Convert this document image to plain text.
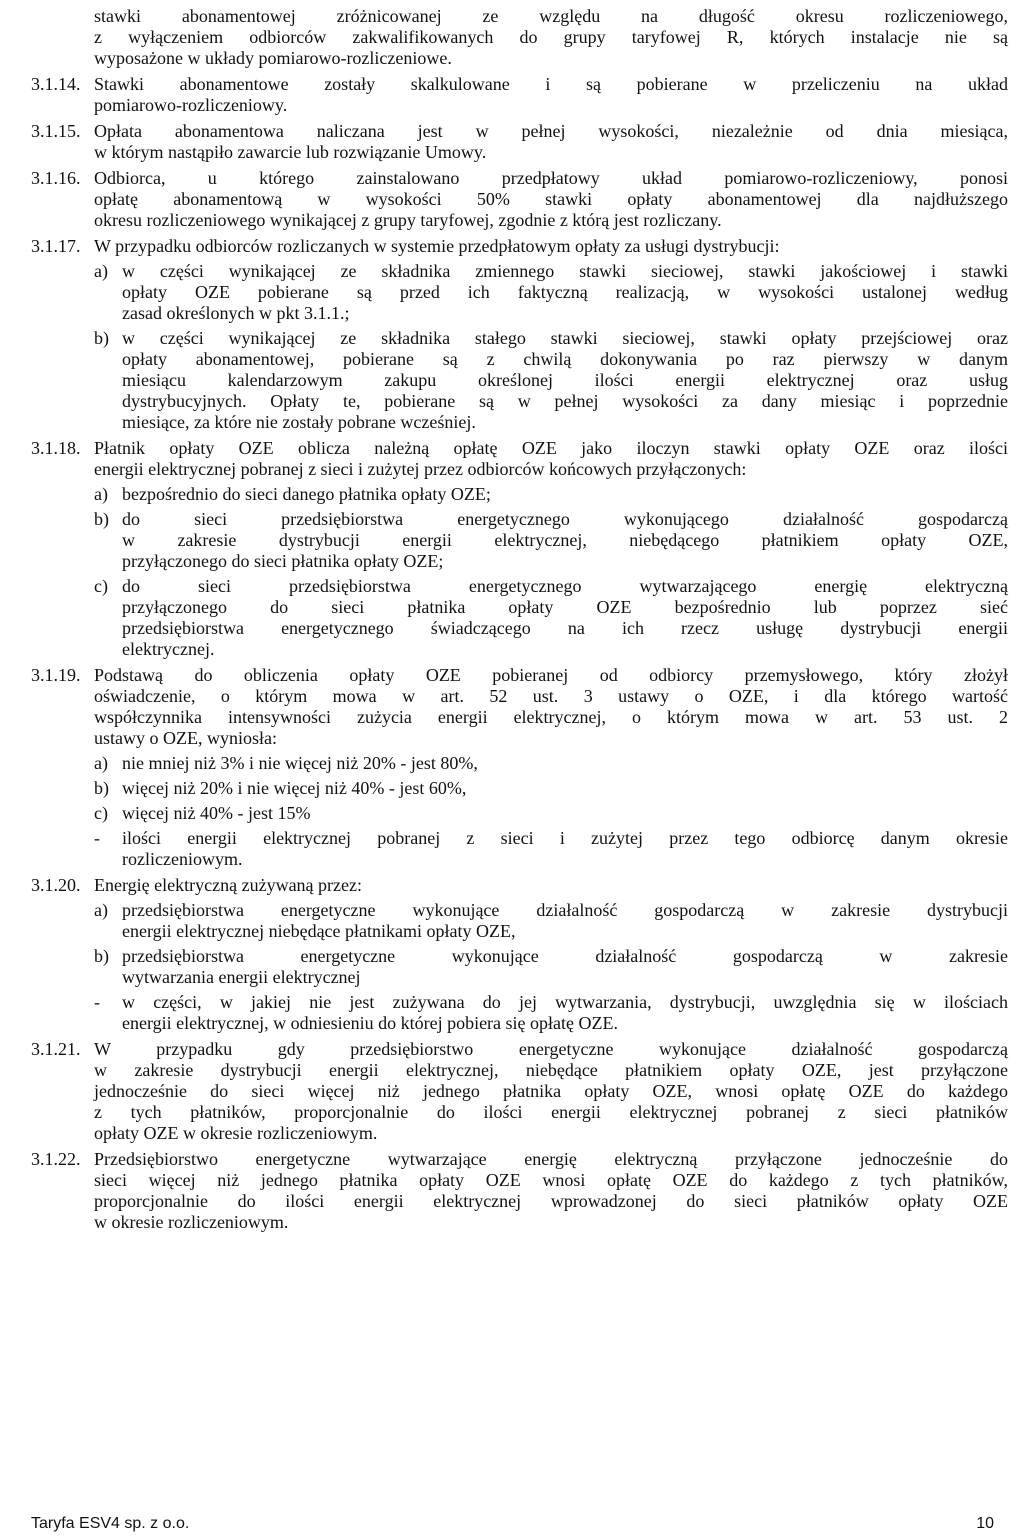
stawki abonamentowej zróżnicowanej ze względu na długość okresu rozliczeniowego,
z wyłączeniem odbiorców zakwalifikowanych do grupy taryfowej R, których instalacje nie są
wyposażone w układy pomiarowo-rozliczeniowe.
3.1.14. Stawki abonamentowe zostały skalkulowane i są pobierane w przeliczeniu na układ
pomiarowo-rozliczeniowy.
3.1.15. Opłata abonamentowa naliczana jest w pełnej wysokości, niezależnie od dnia miesiąca,
w którym nastąpiło zawarcie lub rozwiązanie Umowy.
3.1.16. Odbiorca, u którego zainstalowano przedpłatowy układ pomiarowo-rozliczeniowy, ponosi
opłatę abonamentową w wysokości 50% stawki opłaty abonamentowej dla najdłuższego
okresu rozliczeniowego wynikającej z grupy taryfowej, zgodnie z którą jest rozliczany.
3.1.17. W przypadku odbiorców rozliczanych w systemie przedpłatowym opłaty za usługi dystrybucji:
a) w części wynikającej ze składnika zmiennego stawki sieciowej, stawki jakościowej i stawki
opłaty OZE pobierane są przed ich faktyczną realizacją, w wysokości ustalonej według
zasad określonych w pkt 3.1.1.;
b) w części wynikającej ze składnika stałego stawki sieciowej, stawki opłaty przejściowej oraz
opłaty abonamentowej, pobierane są z chwilą dokonywania po raz pierwszy w danym
miesiącu kalendarzowym zakupu określonej ilości energii elektrycznej oraz usług
dystrybucyjnych. Opłaty te, pobierane są w pełnej wysokości za dany miesiąc i poprzednie
miesiące, za które nie zostały pobrane wcześniej.
3.1.18. Płatnik opłaty OZE oblicza należną opłatę OZE jako iloczyn stawki opłaty OZE oraz ilości
energii elektrycznej pobranej z sieci i zużytej przez odbiorców końcowych przyłączonych:
a) bezpośrednio do sieci danego płatnika opłaty OZE;
b) do sieci przedsiębiorstwa energetycznego wykonującego działalność gospodarczą
w zakresie dystrybucji energii elektrycznej, niebędącego płatnikiem opłaty OZE,
przyłączonego do sieci płatnika opłaty OZE;
c) do sieci przedsiębiorstwa energetycznego wytwarzającego energię elektryczną
przyłączonego do sieci płatnika opłaty OZE bezpośrednio lub poprzez sieć
przedsiębiorstwa energetycznego świadczącego na ich rzecz usługę dystrybucji energii
elektrycznej.
3.1.19. Podstawą do obliczenia opłaty OZE pobieranej od odbiorcy przemysłowego, który złożył
oświadczenie, o którym mowa w art. 52 ust. 3 ustawy o OZE, i dla którego wartość
współczynnika intensywności zużycia energii elektrycznej, o którym mowa w art. 53 ust. 2
ustawy o OZE, wyniosła:
a) nie mniej niż 3% i nie więcej niż 20% - jest 80%,
b) więcej niż 20% i nie więcej niż 40% - jest 60%,
c) więcej niż 40% - jest 15%
- ilości energii elektrycznej pobranej z sieci i zużytej przez tego odbiorcę danym okresie
rozliczeniowym.
3.1.20. Energię elektryczną zużywaną przez:
a) przedsiębiorstwa energetyczne wykonujące działalność gospodarczą w zakresie dystrybucji
energii elektrycznej niebędące płatnikami opłaty OZE,
b) przedsiębiorstwa energetyczne wykonujące działalność gospodarczą w zakresie
wytwarzania energii elektrycznej
- w części, w jakiej nie jest zużywana do jej wytwarzania, dystrybucji, uwzględnia się w ilościach
energii elektrycznej, w odniesieniu do której pobiera się opłatę OZE.
3.1.21. W przypadku gdy przedsiębiorstwo energetyczne wykonujące działalność gospodarczą
w zakresie dystrybucji energii elektrycznej, niebędące płatnikiem opłaty OZE, jest przyłączone
jednocześnie do sieci więcej niż jednego płatnika opłaty OZE, wnosi opłatę OZE do każdego
z tych płatników, proporcjonalnie do ilości energii elektrycznej pobranej z sieci płatników
opłaty OZE w okresie rozliczeniowym.
3.1.22. Przedsiębiorstwo energetyczne wytwarzające energię elektryczną przyłączone jednocześnie do
sieci więcej niż jednego płatnika opłaty OZE wnosi opłatę OZE do każdego z tych płatników,
proporcjonalnie do ilości energii elektrycznej wprowadzonej do sieci płatników opłaty OZE
w okresie rozliczeniowym.
Taryfa ESV4 sp. z o.o.	10
